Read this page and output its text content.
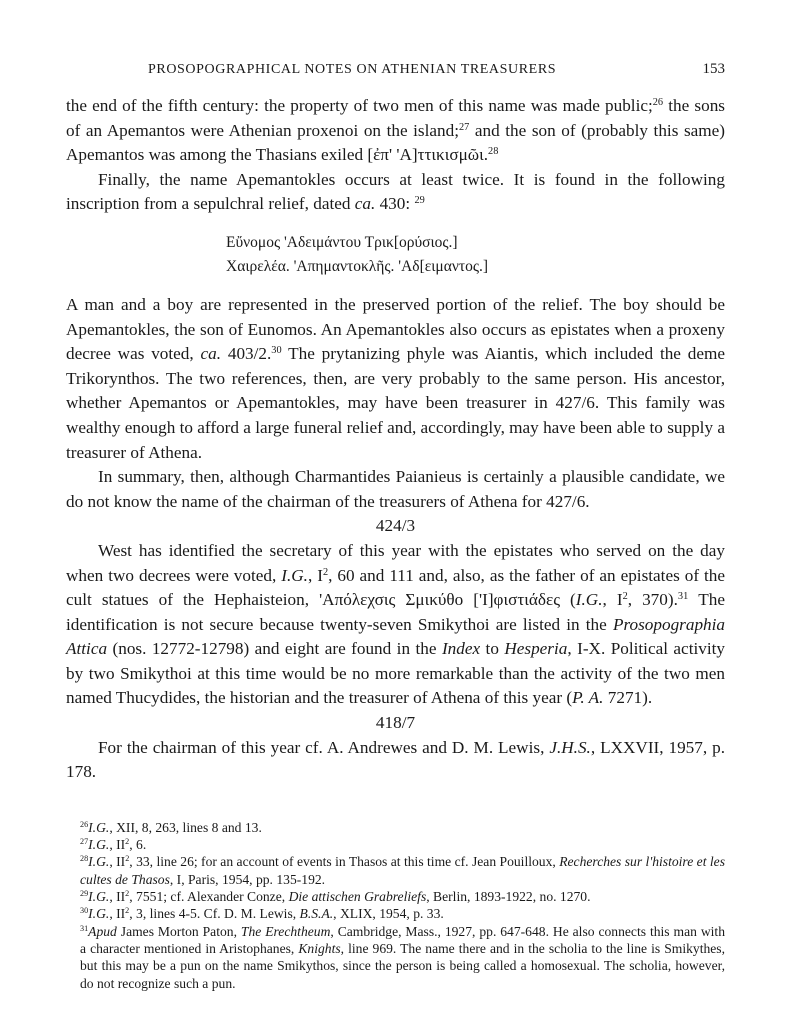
PROSOPOGRAPHICAL NOTES ON ATHENIAN TREASURERS	153

the end of the fifth century: the property of two men of this name was made public;$^{26}$ the sons of an Apemantos were Athenian proxenoi on the island;$^{27}$ and the son of (probably this same) Apemantos was among the Thasians exiled [ἐπ' 'Α]ττικισμῶι.$^{28}$

Finally, the name Apemantokles occurs at least twice. It is found in the following inscription from a sepulchral relief, dated ca. 430: $^{29}$

Εὔνομος 'Αδειμάντου Τρικ[ορύσιος.]
Χαιρελέα. 'Απημαντοκλῆς. 'Αδ[ειμαντος.]

A man and a boy are represented in the preserved portion of the relief. The boy should be Apemantokles, the son of Eunomos. An Apemantokles also occurs as epistates when a proxeny decree was voted, ca. 403/2.30 The prytanizing phyle was Aiantis, which included the deme Trikorynthos. The two references, then, are very probably to the same person. His ancestor, whether Apemantos or Apemantokles, may have been treasurer in 427/6. This family was wealthy enough to afford a large funeral relief and, accordingly, may have been able to supply a treasurer of Athena.

In summary, then, although Charmantides Paianieus is certainly a plausible candidate, we do not know the name of the chairman of the treasurers of Athena for 427/6.

424/3

West has identified the secretary of this year with the epistates who served on the day when two decrees were voted, I.G., $I^2$, 60 and 111 and, also, as the father of an epistates of the cult statues of the Hephaisteion, 'Απόλεχσις Σμικύθο ['Ι]φιστιάδες (I.G., $I^2$, 370).$^{31}$ The identification is not secure because twenty-seven Smikythoi are listed in the Prosopographia Attica (nos. 12772-12798) and eight are found in the Index to Hesperia, I-X. Political activity by two Smikythoi at this time would be no more remarkable than the activity of the two men named Thucydides, the historian and the treasurer of Athena of this year (P. A. 7271).

418/7

For the chairman of this year cf. A. Andrewes and D. M. Lewis, J.H.S., LXXVII, 1957, p. 178.

$^{26}$I.G., XII, 8, 263, lines 8 and 13.

$^{27}$I.G., $II^2$, 6.

$^{28}$I.G., $II^2$, 33, line 26; for an account of events in Thasos at this time cf. Jean Pouilloux, Recherches sur l'histoire et les cultes de Thasos, I, Paris, 1954, pp. 135-192.

$^{29}$I.G., $II^2$, 7551; cf. Alexander Conze, Die attischen Grabreliefs, Berlin, 1893-1922, no. 1270.

$^{30}$I.G., $II^2$, 3, lines 4-5. Cf. D. M. Lewis, B.S.A., XLIX, 1954, p. 33.

$^{31}$Apud James Morton Paton, The Erechtheum, Cambridge, Mass., 1927, pp. 647-648. He also connects this man with a character mentioned in Aristophanes, Knights, line 969. The name there and in the scholia to the line is Smikythes, but this may be a pun on the name Smikythos, since the person is being called a homosexual. The scholia, however, do not recognize such a pun.
